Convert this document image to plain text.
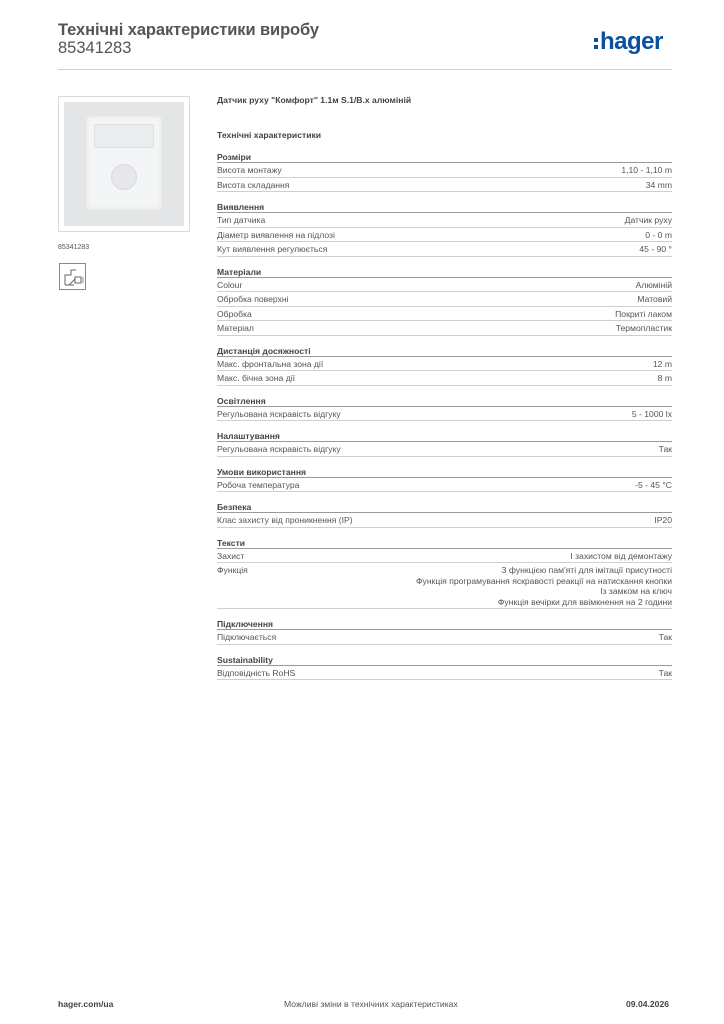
Технічні характеристики виробу
85341283	hager
85341283
Датчик руху "Комфорт" 1.1м S.1/B.x алюміній
Технічні характеристики
Розміри
Висота монтажу	1,10 - 1,10 m
Висота складання	34 mm
Виявлення
Тип датчика	Датчик руху
Діаметр виявлення на підлозі	0 - 0 m
Кут виявлення регулюється	45 - 90 °
Матеріали
Colour	Алюміній
Обробка поверхні	Матовий
Обробка	Покриті лаком
Матеріал	Термопластик
Дистанція досяжності
Макс. фронтальна зона дії	12 m
Макс. бічна зона дії	8 m
Освітлення
Регульована яскравість відгуку	5 - 1000 lx
Налаштування
Регульована яскравість відгуку	Так
Умови використання
Робоча температура	-5 - 45 °C
Безпека
Клас захисту від проникнення (IP)	IP20
Тексти
Захист	І захистом від демонтажу
Функція	З функцією пам'яті для імітації присутності
Функція програмування яскравості реакції на натискання кнопки
Із замком на ключ
Функція вечірки для ввімкнення на 2 години
Підключення
Підключається	Так
Sustainability
Відповідність RoHS	Так
hager.com/ua	Можливі зміни в технічних характеристиках	09.04.2026
